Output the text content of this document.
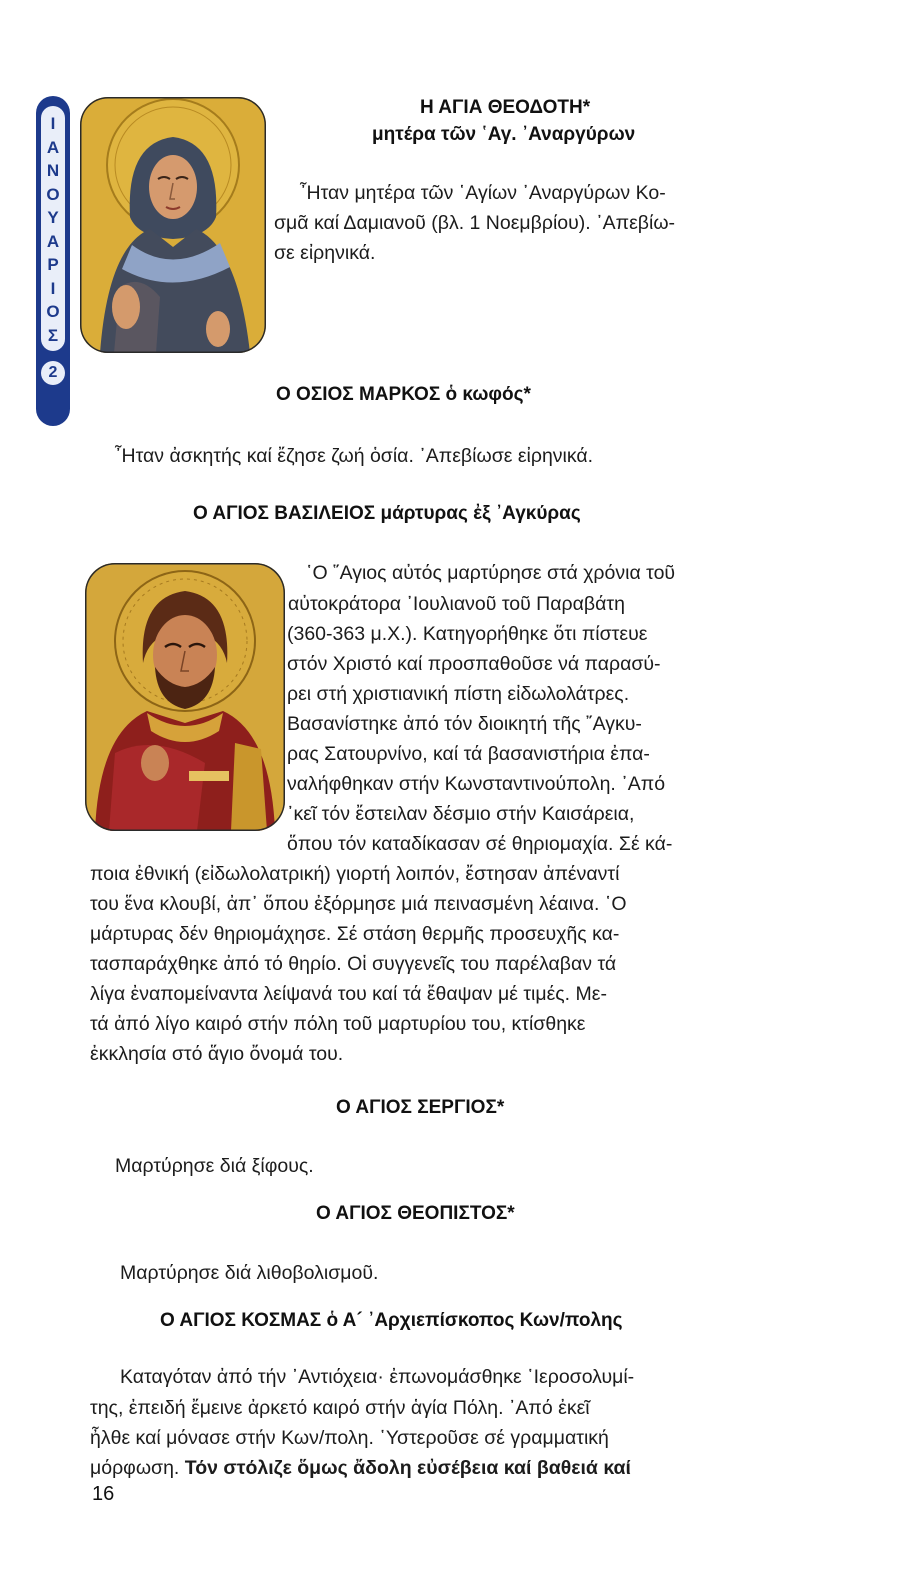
Ι
Α
Ν
Ο
Υ
Α
Ρ
Ι
Ο
Σ
2
Η ΑΓΙΑ ΘΕΟΔΟΤΗ*
μητέρα τῶν ῾Αγ. ᾿Αναργύρων
῏Ηταν μητέρα τῶν ῾Αγίων ᾿Αναργύρων Κο-
σμᾶ καί Δαμιανοῦ (βλ. 1 Νοεμβρίου). ᾿Απεβίω-
σε εἰρηνικά.
Ο ΟΣΙΟΣ ΜΑΡΚΟΣ ὁ κωφός*
῏Ηταν ἀσκητής καί ἔζησε ζωή ὁσία. ᾿Απεβίωσε εἰρηνικά.
Ο ΑΓΙΟΣ ΒΑΣΙΛΕΙΟΣ μάρτυρας ἐξ ᾿Αγκύρας
῾Ο ῞Αγιος αὐτός μαρτύρησε στά χρόνια τοῦ
αὐτοκράτορα ᾿Ιουλιανοῦ τοῦ Παραβάτη
(360-363 μ.Χ.). Κατηγορήθηκε ὅτι πίστευε
στόν Χριστό καί προσπαθοῦσε νά παρασύ-
ρει στή χριστιανική πίστη εἰδωλολάτρες.
Βασανίστηκε ἀπό τόν διοικητή τῆς ῎Αγκυ-
ρας Σατουρνίνο, καί τά βασανιστήρια ἐπα-
ναλήφθηκαν στήν Κωνσταντινούπολη. ᾿Από
᾿κεῖ τόν ἔστειλαν δέσμιο στήν Καισάρεια,
ὅπου τόν καταδίκασαν σέ θηριομαχία. Σέ κά-
ποια ἐθνική (εἰδωλολατρική) γιορτή λοιπόν, ἔστησαν ἀπέναντί
του ἕνα κλουβί, ἀπ᾿ ὅπου ἐξόρμησε μιά πεινασμένη λέαινα. ῾Ο
μάρτυρας δέν θηριομάχησε. Σέ στάση θερμῆς προσευχῆς κα-
τασπαράχθηκε ἀπό τό θηρίο. Οἱ συγγενεῖς του παρέλαβαν τά
λίγα ἐναπομείναντα λείψανά του καί τά ἔθαψαν μέ τιμές. Με-
τά ἀπό λίγο καιρό στήν πόλη τοῦ μαρτυρίου του, κτίσθηκε
ἐκκλησία στό ἅγιο ὄνομά του.
Ο ΑΓΙΟΣ ΣΕΡΓΙΟΣ*
Μαρτύρησε διά ξίφους.
Ο ΑΓΙΟΣ ΘΕΟΠΙΣΤΟΣ*
Μαρτύρησε διά λιθοβολισμοῦ.
Ο ΑΓΙΟΣ ΚΟΣΜΑΣ ὁ Α´ ᾿Αρχιεπίσκοπος Κων/πολης
Καταγόταν ἀπό τήν ᾿Αντιόχεια· ἐπωνομάσθηκε ῾Ιεροσολυμί-
της, ἐπειδή ἔμεινε ἀρκετό καιρό στήν ἁγία Πόλη. ᾿Από ἐκεῖ
ἦλθε καί μόνασε στήν Κων/πολη. ῾Υστεροῦσε σέ γραμματική
μόρφωση. Τόν στόλιζε ὅμως ἄδολη εὐσέβεια καί βαθειά καί
16
